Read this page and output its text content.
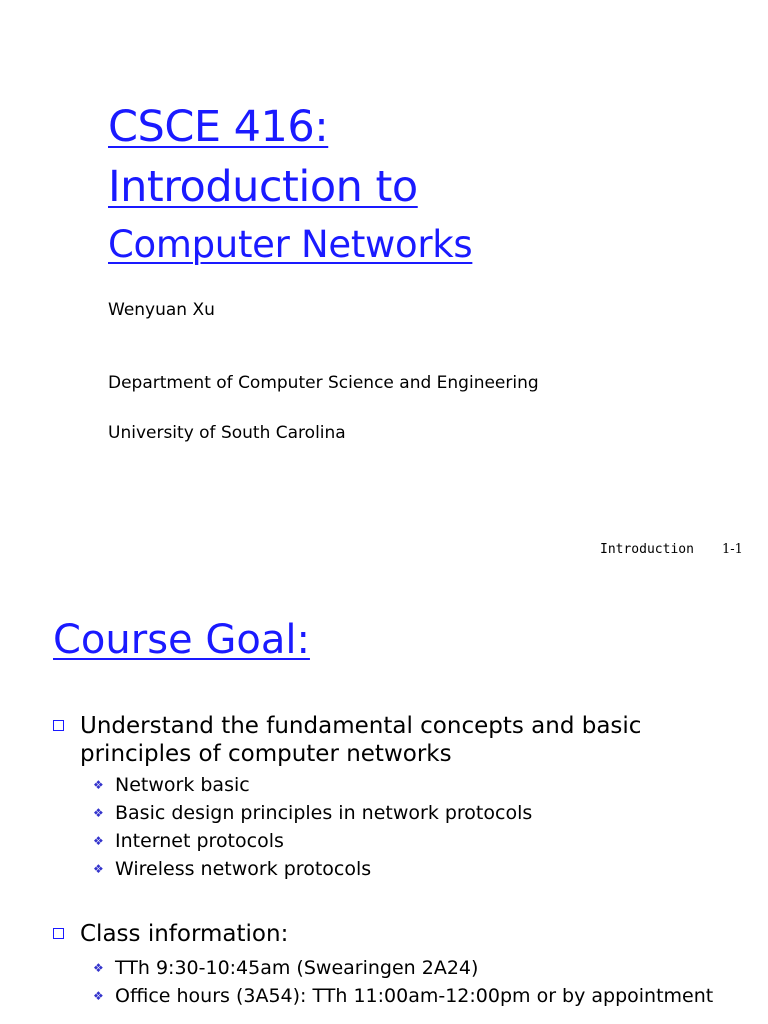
CSCE 416:
Introduction to
Computer Networks

Wenyuan Xu

Department of Computer Science and Engineering

University of South Carolina

Introduction 1-1
Course Goal:
Understand the fundamental concepts and basic principles of computer networks
❖ Network basic
❖ Basic design principles in network protocols
❖ Internet protocols
❖ Wireless network protocols
Class information:
❖ TTh 9:30-10:45am (Swearingen 2A24)
❖ Office hours (3A54): TTh 11:00am-12:00pm or by appointment
